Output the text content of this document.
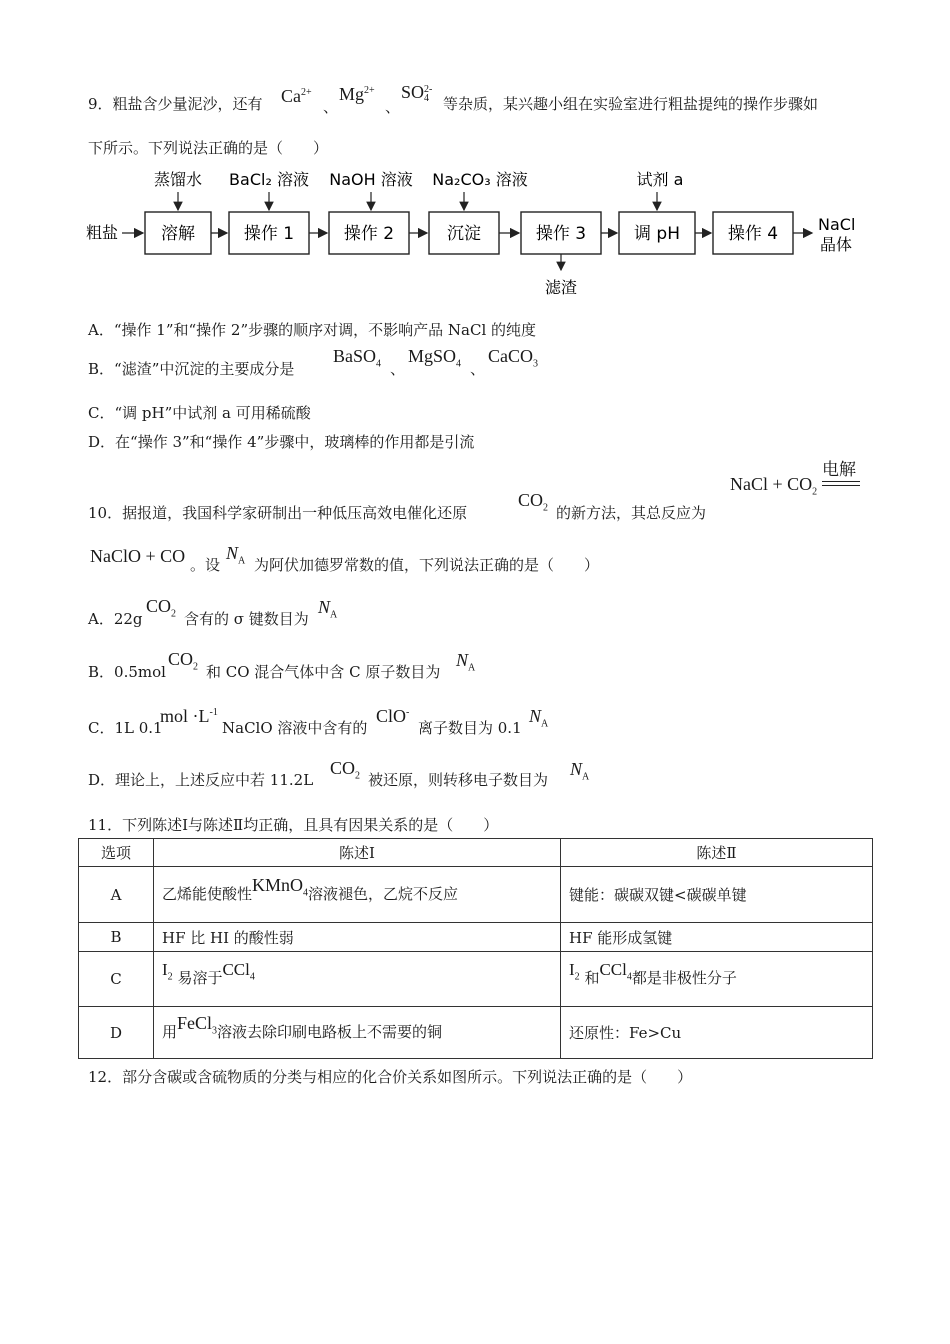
9．粗盐含少量泥沙，还有 $Ca^{2+}$
、
$Mg^{2+}$
、
SO 2-
4 等杂质，某兴趣小组在实验室进行粗盐提纯的操作步骤如
下所示。下列说法正确的是（　　）
粗盐	溶解	操作 1	操作 2	沉淀	操作 3	调 pH	操作 4 NaCl
晶体
蒸馏水 BaCl₂ 溶液 NaOH 溶液 Na₂CO₃ 溶液	试剂 a
滤渣
A．“操作 1”和“操作 2”步骤的顺序对调，不影响产品 NaCl 的纯度
B．“滤渣”中沉淀的主要成分是
BaSO$_4$ 、
MgSO$_4$ 、
CaCO$_3$
C．“调 pH”中试剂 a 可用稀硫酸
D．在“操作 3”和“操作 4”步骤中，玻璃棒的作用都是引流
NaCl + $CO_2$
电解
10．据报道，我国科学家研制出一种低压高效电催化还原
$CO_2$ 的新方法，其总反应为
NaClO + CO 。设
$N_A$ 为阿伏加德罗常数的值，下列说法正确的是（　　）
A．22g
$CO_2$ 含有的 σ 键数目为
$N_A$
B．0.5mol
$CO_2$ 和 CO 混合气体中含 C 原子数目为
$N_A$
C．1L 0.1
mol $\cdot L^{-1}$
NaClO 溶液中含有的
ClO-
离子数目为 0.1
$N_A$
D．理论上，上述反应中若 11.2L
$CO_2$ 被还原，则转移电子数目为
$N_A$
11．下列陈述Ⅰ与陈述Ⅱ均正确，且具有因果关系的是（　　）
选项	陈述Ⅰ	陈述Ⅱ
A	乙烯能使酸性KMnO$_4$溶液褪色，乙烷不反应	键能：碳碳双键<碳碳单键
B	HF 比 HI 的酸性弱	HF 能形成氢键
C	$I_2$ 易溶于CCl$_4$	$I_2$ 和CCl$_4$都是非极性分子
D	用FeCl$_3$溶液去除印刷电路板上不需要的铜	还原性：Fe>Cu
12．部分含碳或含硫物质的分类与相应的化合价关系如图所示。下列说法正确的是（　　）
